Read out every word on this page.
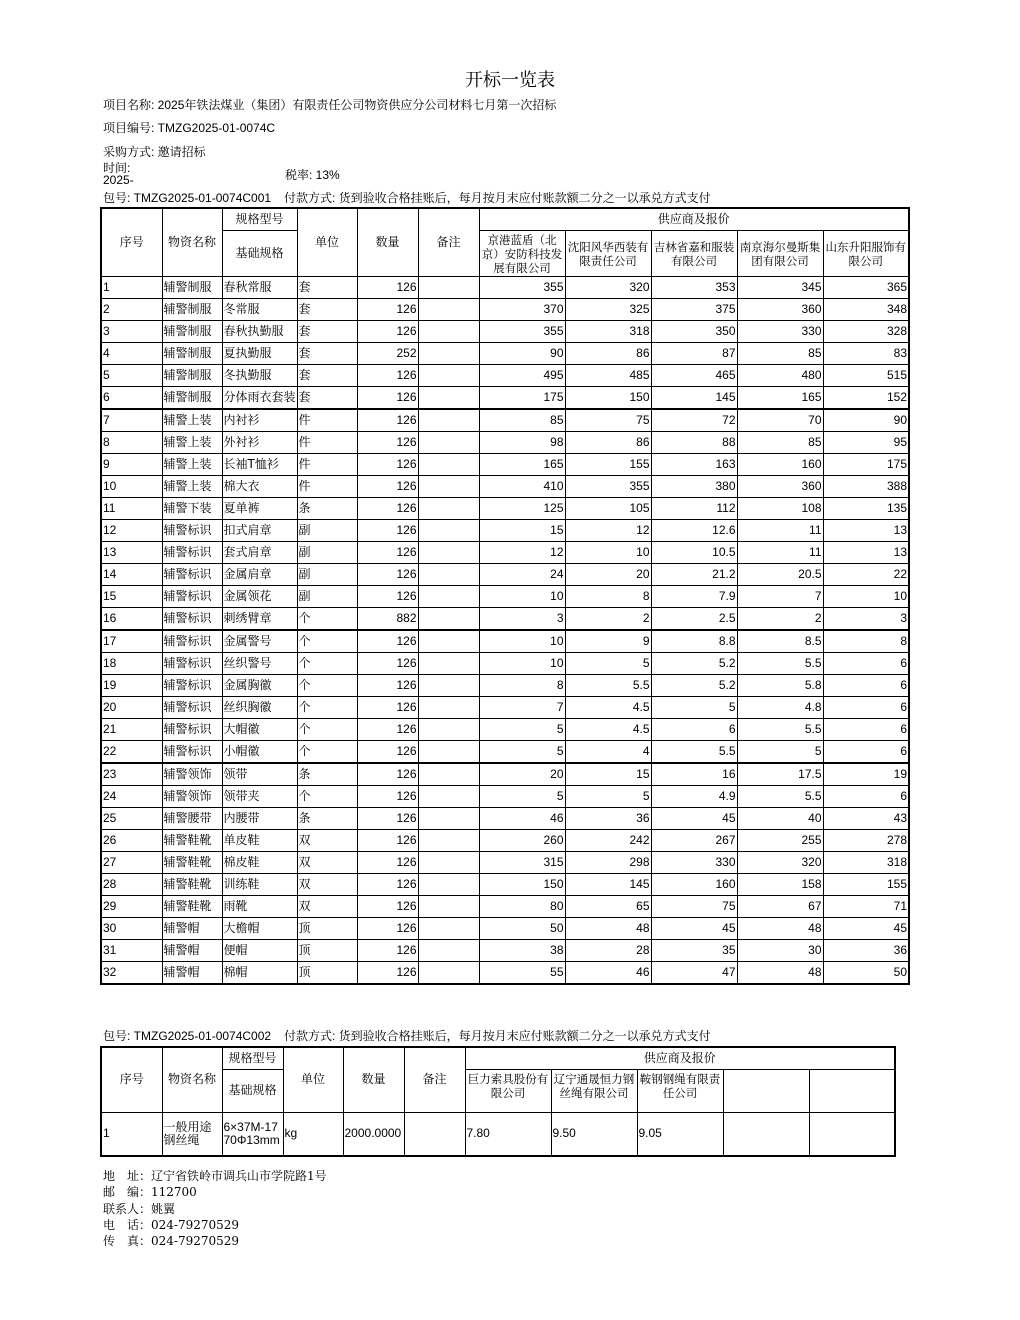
开标一览表
项目名称: 2025年铁法煤业（集团）有限责任公司物资供应分公司材料七月第一次招标
项目编号: TMZG2025-01-0074C
采购方式: 邀请招标
时间: 2025-	税率: 13%
包号: TMZG2025-01-0074C001 付款方式: 货到验收合格挂账后，每月按月末应付账款额二分之一以承兑方式支付
序号	物资名称	规格型号	单位	数量	备注	供应商及报价				
		基础规格				京港蓝盾（北京）安防科技发展有限公司	沈阳风华西装有限责任公司	吉林省嘉和服装有限公司	南京海尔曼斯集团有限公司	山东升阳服饰有限公司
1	辅警制服	春秋常服	套	126		355	320	353	345	365
2	辅警制服	冬常服	套	126		370	325	375	360	348
3	辅警制服	春秋执勤服	套	126		355	318	350	330	328
4	辅警制服	夏执勤服	套	252		90	86	87	85	83
5	辅警制服	冬执勤服	套	126		495	485	465	480	515
6	辅警制服	分体雨衣套装	套	126		175	150	145	165	152
7	辅警上装	内衬衫	件	126		85	75	72	70	90
8	辅警上装	外衬衫	件	126		98	86	88	85	95
9	辅警上装	长袖T恤衫	件	126		165	155	163	160	175
10	辅警上装	棉大衣	件	126		410	355	380	360	388
11	辅警下装	夏单裤	条	126		125	105	112	108	135
12	辅警标识	扣式肩章	副	126		15	12	12.6	11	13
13	辅警标识	套式肩章	副	126		12	10	10.5	11	13
14	辅警标识	金属肩章	副	126		24	20	21.2	20.5	22
15	辅警标识	金属领花	副	126		10	8	7.9	7	10
16	辅警标识	刺绣臂章	个	882		3	2	2.5	2	3
17	辅警标识	金属警号	个	126		10	9	8.8	8.5	8
18	辅警标识	丝织警号	个	126		10	5	5.2	5.5	6
19	辅警标识	金属胸徽	个	126		8	5.5	5.2	5.8	6
20	辅警标识	丝织胸徽	个	126		7	4.5	5	4.8	6
21	辅警标识	大帽徽	个	126		5	4.5	6	5.5	6
22	辅警标识	小帽徽	个	126		5	4	5.5	5	6
23	辅警领饰	领带	条	126		20	15	16	17.5	19
24	辅警领饰	领带夹	个	126		5	5	4.9	5.5	6
25	辅警腰带	内腰带	条	126		46	36	45	40	43
26	辅警鞋靴	单皮鞋	双	126		260	242	267	255	278
27	辅警鞋靴	棉皮鞋	双	126		315	298	330	320	318
28	辅警鞋靴	训练鞋	双	126		150	145	160	158	155
29	辅警鞋靴	雨靴	双	126		80	65	75	67	71
30	辅警帽	大檐帽	顶	126		50	48	45	48	45
31	辅警帽	便帽	顶	126		38	28	35	30	36
32	辅警帽	棉帽	顶	126		55	46	47	48	50
包号: TMZG2025-01-0074C002 付款方式: 货到验收合格挂账后，每月按月末应付账款额二分之一以承兑方式支付
序号	物资名称	规格型号	单位	数量	备注	供应商及报价				
		基础规格				巨力索具股份有限公司	辽宁通晟恒力钢丝绳有限公司	鞍钢钢绳有限责任公司		
1	一般用途钢丝绳	6×37M-1770Φ13mm	kg	2000.0000		7.80	9.50	9.05		
地　址：辽宁省铁岭市调兵山市学院路1号
邮　编：112700
联系人：姚翼
电　话：024-79270529
传　真：024-79270529
